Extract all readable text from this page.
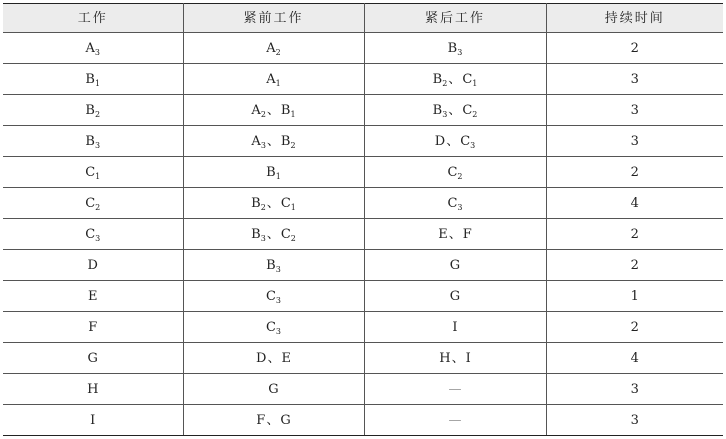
工作	紧前工作	紧后工作	持续时间
$A_3$	$A_2$	$B_3$	2
$B_1$	$A_1$	$B_2$、$C_1$	3
$B_2$	$A_2$、$B_1$	$B_3$、$C_2$	3
$B_3$	$A_3$、$B_2$	D、$C_3$	3
$C_1$	$B_1$	$C_2$	2
$C_2$	$B_2$、$C_1$	$C_3$	4
$C_3$	$B_3$、$C_2$	E、F	2
D	$B_3$	G	2
E	$C_3$	G	1
F	$C_3$	I	2
G	D、E	H、I	4
H	G	—	3
I	F、G	—	3
